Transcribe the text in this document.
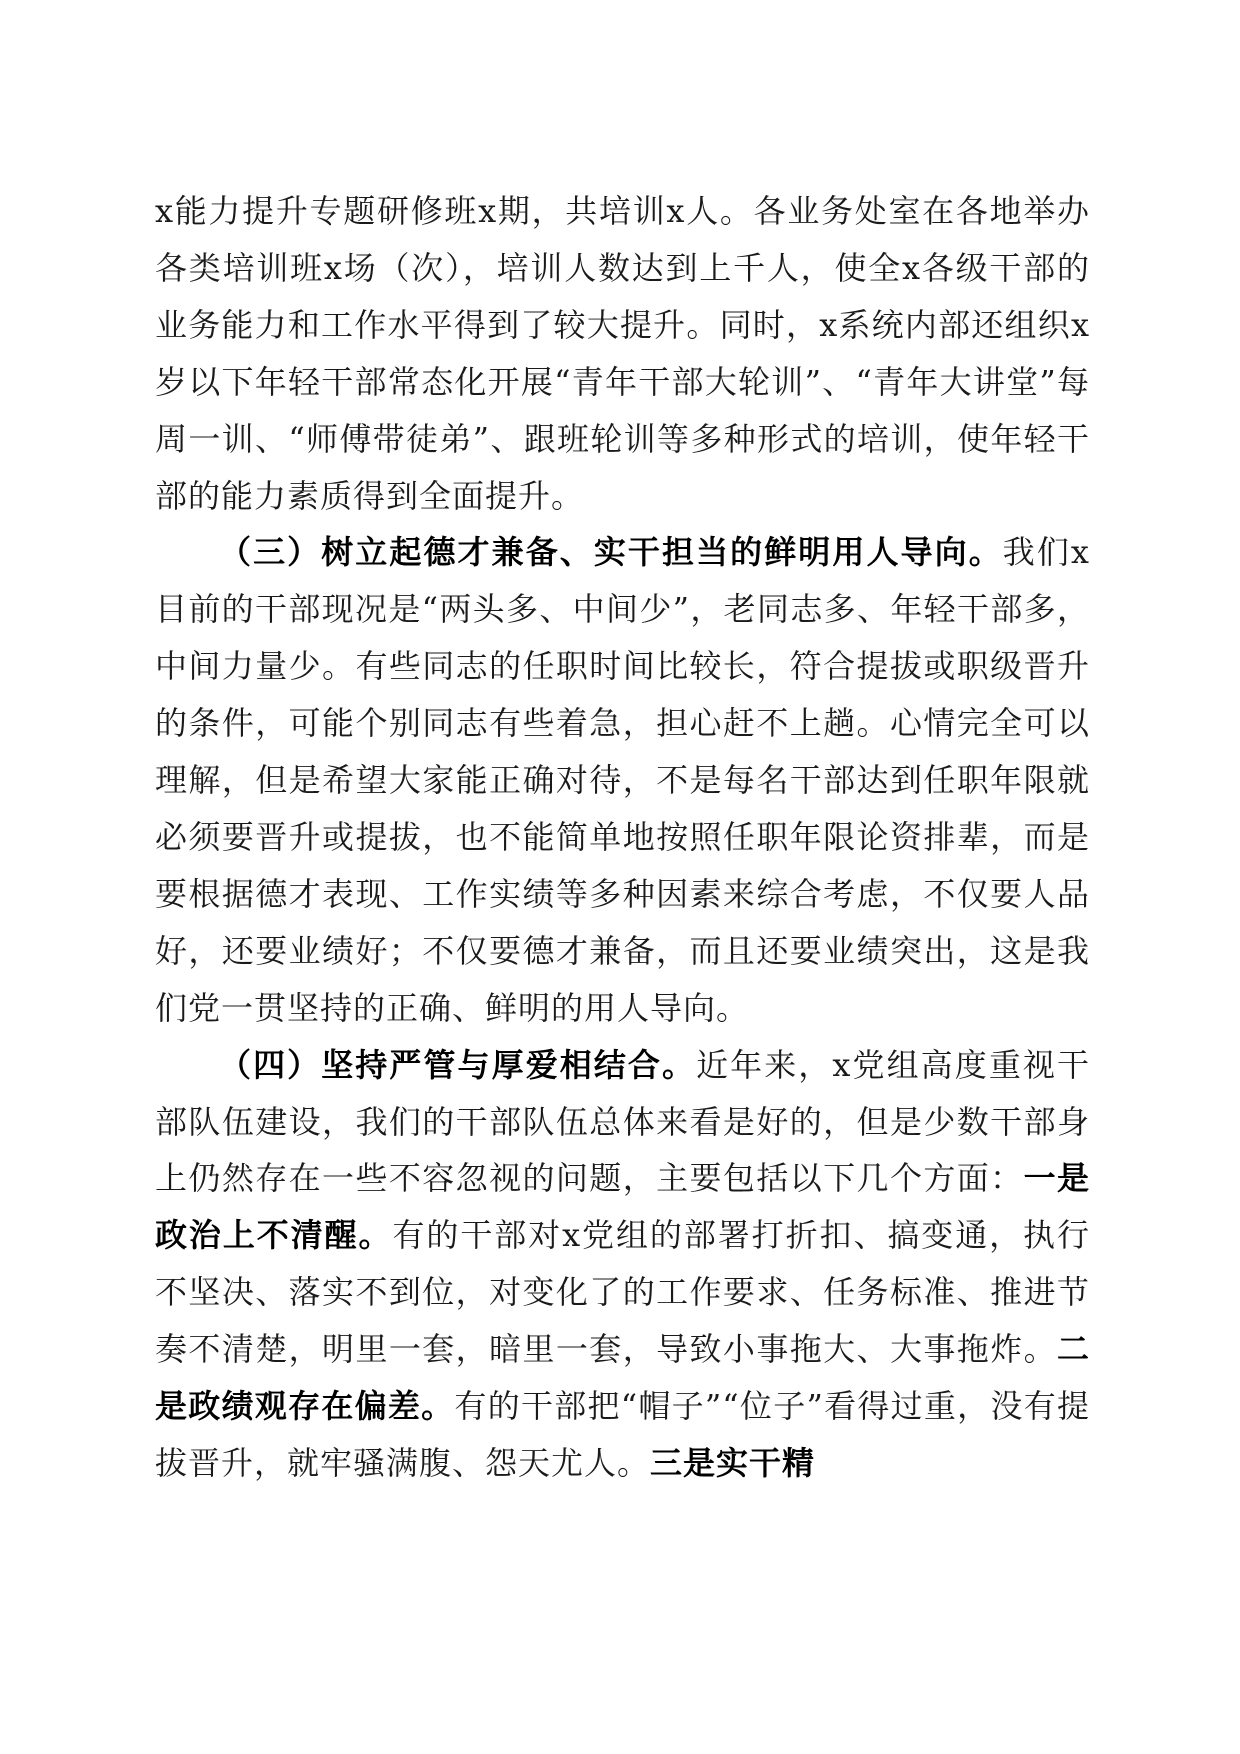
x能力提升专题研修班x期，共培训x人。各业务处室在各地举办各类培训班x场（次），培训人数达到上千人，使全x各级干部的业务能力和工作水平得到了较大提升。同时，x系统内部还组织x岁以下年轻干部常态化开展“青年干部大轮训”、“青年大讲堂”每周一训、“师傅带徒弟”、跟班轮训等多种形式的培训，使年轻干部的能力素质得到全面提升。

（三）树立起德才兼备、实干担当的鲜明用人导向。我们x目前的干部现况是“两头多、中间少”，老同志多、年轻干部多，中间力量少。有些同志的任职时间比较长，符合提拔或职级晋升的条件，可能个别同志有些着急，担心赶不上趟。心情完全可以理解，但是希望大家能正确对待，不是每名干部达到任职年限就必须要晋升或提拔，也不能简单地按照任职年限论资排辈，而是要根据德才表现、工作实绩等多种因素来综合考虑，不仅要人品好，还要业绩好；不仅要德才兼备，而且还要业绩突出，这是我们党一贯坚持的正确、鲜明的用人导向。

（四）坚持严管与厚爱相结合。近年来，x党组高度重视干部队伍建设，我们的干部队伍总体来看是好的，但是少数干部身上仍然存在一些不容忽视的问题，主要包括以下几个方面：一是政治上不清醒。有的干部对x党组的部署打折扣、搞变通，执行不坚决、落实不到位，对变化了的工作要求、任务标准、推进节奏不清楚，明里一套，暗里一套，导致小事拖大、大事拖炸。二是政绩观存在偏差。有的干部把“帽子”“位子”看得过重，没有提拔晋升，就牢骚满腹、怨天尤人。三是实干精
